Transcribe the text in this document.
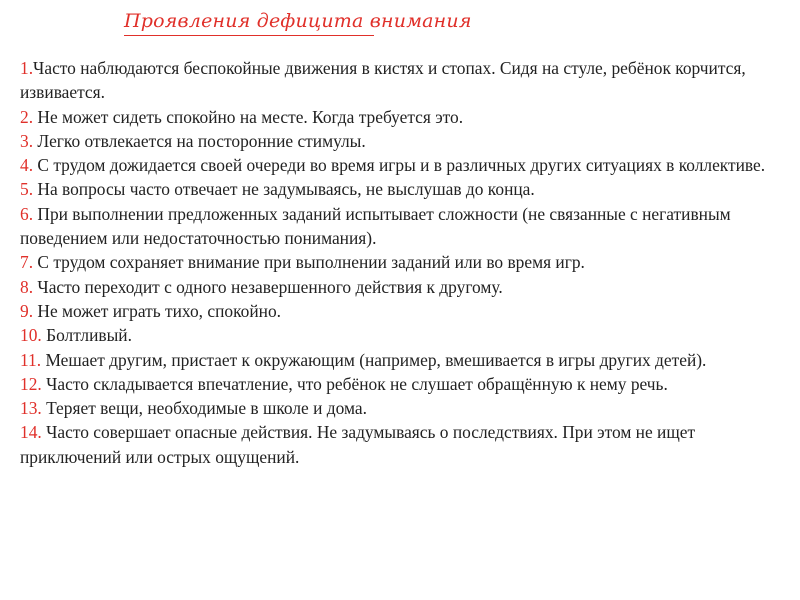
Проявления дефицита внимания
1.Часто наблюдаются беспокойные движения в кистях и стопах. Сидя на стуле, ребёнок корчится, извивается.
2. Не может сидеть спокойно на месте. Когда требуется это.
3. Легко отвлекается на посторонние стимулы.
4. С трудом дожидается своей очереди во время игры и в различных других ситуациях в коллективе.
5. На вопросы часто отвечает не задумываясь, не выслушав до конца.
6. При выполнении предложенных заданий испытывает сложности (не связанные с негативным поведением или недостаточностью понимания).
7. С трудом сохраняет внимание при выполнении заданий или во время игр.
8. Часто переходит с одного незавершенного действия к другому.
9. Не может играть тихо, спокойно.
10. Болтливый.
11. Мешает другим, пристает к окружающим (например, вмешивается в игры других детей).
12. Часто складывается впечатление, что ребёнок не слушает обращённую к нему речь.
13. Теряет вещи, необходимые в школе и дома.
14. Часто совершает опасные действия. Не задумываясь о последствиях. При этом не ищет приключений или острых ощущений.
